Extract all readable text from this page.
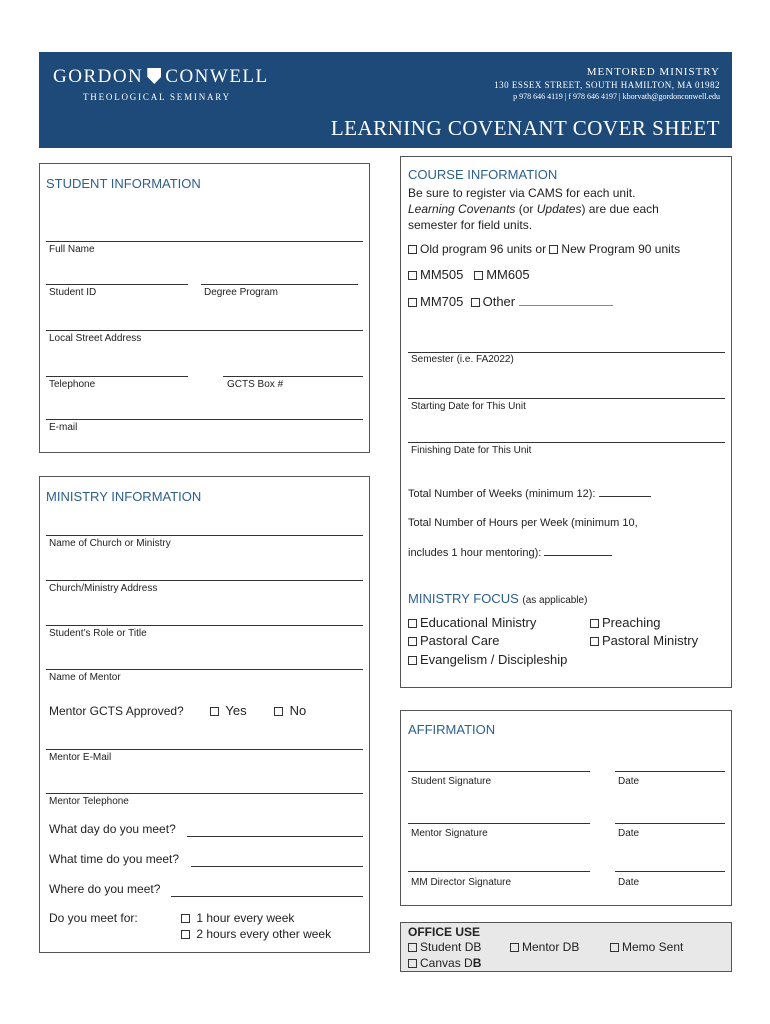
GORDON CONWELL
THEOLOGICAL SEMINARY
MENTORED MINISTRY
130 ESSEX STREET, SOUTH HAMILTON, MA 01982
p 978 646 4119 | f 978 646 4197 | kborvath@gordonconwell.edu
LEARNING COVENANT COVER SHEET
STUDENT INFORMATION
Full Name
Student ID	Degree Program
Local Street Address
Telephone	GCTS Box #
E-mail
MINISTRY INFORMATION
Name of Church or Ministry
Church/Ministry Address
Student’s Role or Title
Name of Mentor
Mentor GCTS Approved?	Yes	No
Mentor E-Mail
Mentor Telephone
What day do you meet?
What time do you meet?
Where do you meet?
Do you meet for:	1 hour every week
2 hours every other week
COURSE INFORMATION
Be sure to register via CAMS for each unit.
Learning Covenants (or Updates) are due each
semester for field units.
Old program 96 units or New Program 90 units
MM505 MM605
MM705 Other
Semester (i.e. FA2022)
Starting Date for This Unit
Finishing Date for This Unit
Total Number of Weeks (minimum 12):
Total Number of Hours per Week (minimum 10,
includes 1 hour mentoring):
MINISTRY FOCUS (as applicable)
Educational Ministry	Preaching
Pastoral Care	Pastoral Ministry
Evangelism / Discipleship
AFFIRMATION
Student Signature	Date
Mentor Signature	Date
MM Director Signature	Date
OFFICE USE
Student DB	Mentor DB	Memo Sent
Canvas DB
